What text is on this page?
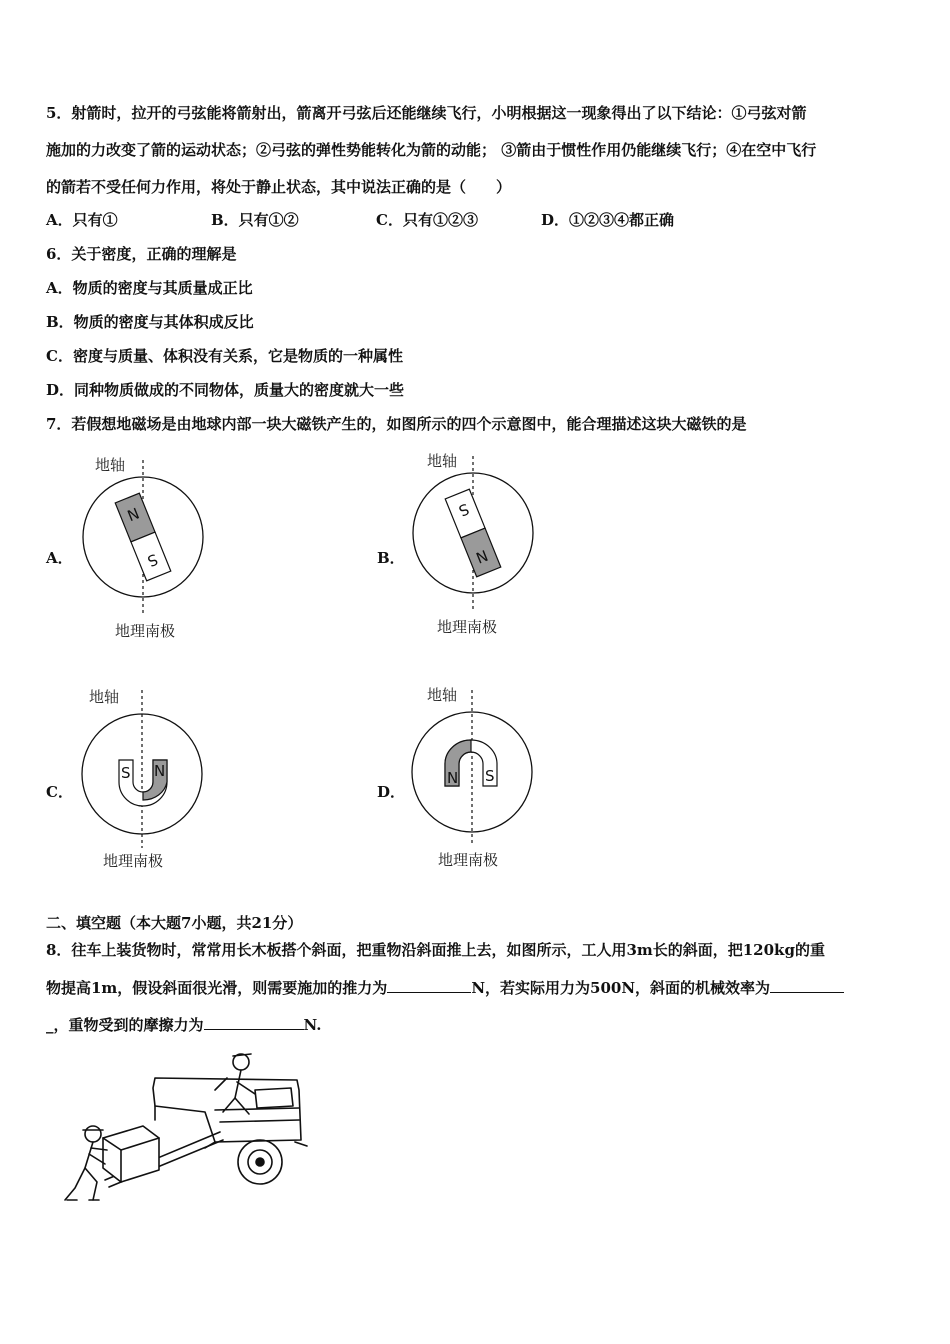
5．射箭时，拉开的弓弦能将箭射出，箭离开弓弦后还能继续飞行，小明根据这一现象得出了以下结论：①弓弦对箭
施加的力改变了箭的运动状态；②弓弦的弹性势能转化为箭的动能； ③箭由于惯性作用仍能继续飞行；④在空中飞行
的箭若不受任何力作用，将处于静止状态，其中说法正确的是（　　）
A．只有①	B．只有①②	C．只有①②③	D．①②③④都正确
6．关于密度，正确的理解是
A．物质的密度与其质量成正比
B．物质的密度与其体积成反比
C．密度与质量、体积没有关系，它是物质的一种属性
D．同种物质做成的不同物体，质量大的密度就大一些
7．若假想地磁场是由地球内部一块大磁铁产生的，如图所示的四个示意图中，能合理描述这块大磁铁的是
A．	B．
C．	D．
地轴
N
S
地理南极
地轴
S
N
地理南极
地轴
S N
地理南极
地轴
N S
地理南极
二、填空题（本大题7小题，共21分）
8．往车上装货物时，常常用长木板搭个斜面，把重物沿斜面推上去，如图所示，工人用3m长的斜面，把120kg的重
物提高1m，假设斜面很光滑，则需要施加的推力为	N，若实际用力为500N，斜面的机械效率为
_，重物受到的摩擦力为	N.
